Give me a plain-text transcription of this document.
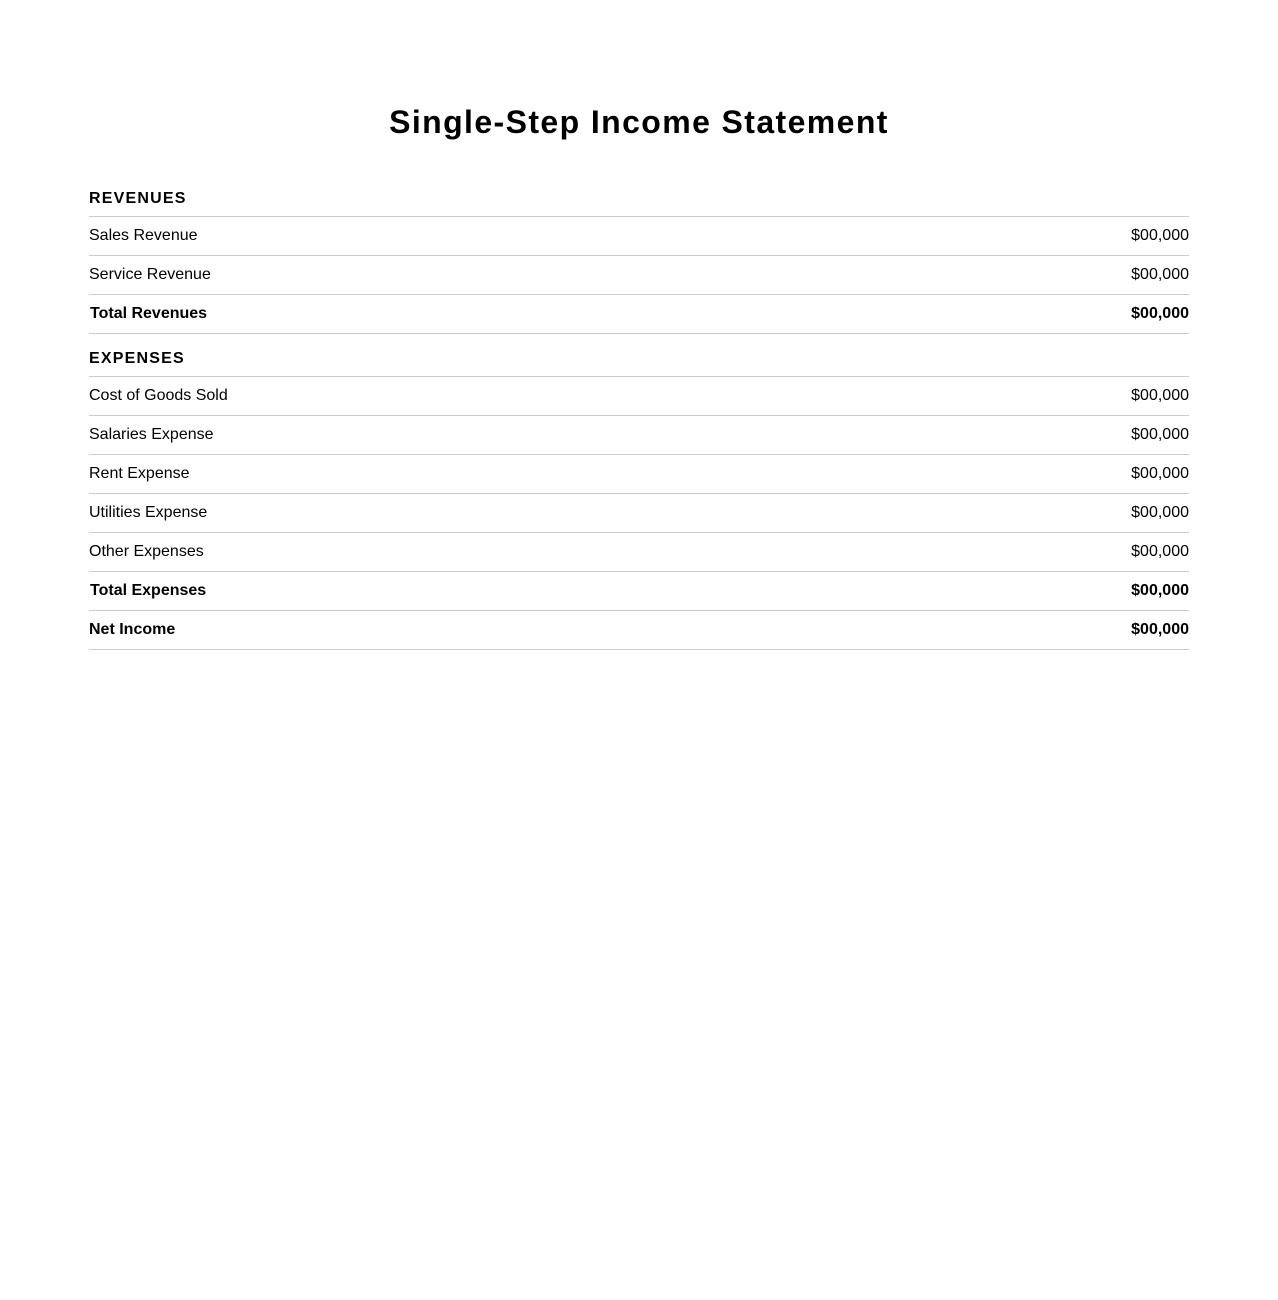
Single-Step Income Statement
REVENUES
Sales Revenue	$00,000
Service Revenue	$00,000
Total Revenues	$00,000
EXPENSES
Cost of Goods Sold	$00,000
Salaries Expense	$00,000
Rent Expense	$00,000
Utilities Expense	$00,000
Other Expenses	$00,000
Total Expenses	$00,000
Net Income	$00,000
